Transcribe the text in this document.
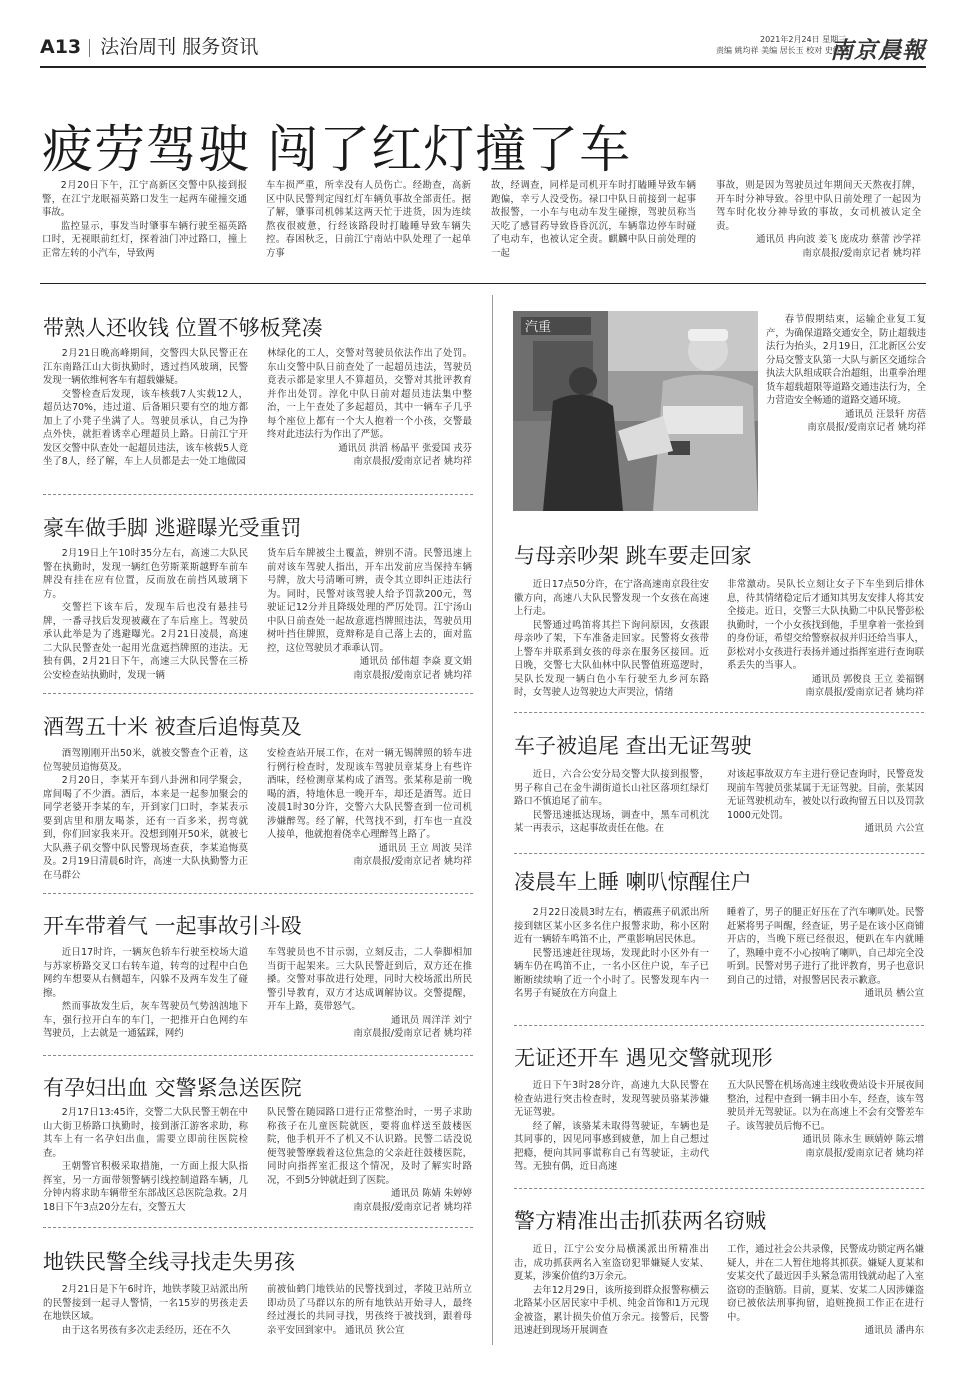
A13 法治周刊 服务资讯	2021年2月24日 星期三
责编 姚均祥 美编 居长玉 校对 史红岩
南京晨報
疲劳驾驶 闯了红灯撞了车

2月20日下午，江宁高新区交警中队接到报警，在江宁龙眠福英路口发生一起两车碰撞交通事故。

监控显示，事发当时肇事车辆行驶至福英路口时，无视眼前红灯，探着油门冲过路口，撞上正常左转的小汽车，导致两

车车损严重，所幸没有人员伤亡。经勘查，高新区中队民警判定闯红灯车辆负事故全部责任。据了解，肇事司机韩某这两天忙于进货，因为连续熬夜很疲惫，行经该路段时打瞌睡导致车辆失控。春困秋乏，日前江宁南站中队处理了一起单方事

故，经调查，同样是司机开车时打瞌睡导致车辆跑偏，幸亏人没受伤。禄口中队日前接到一起事故报警，一小车与电动车发生碰擦，驾驶员称当天吃了感冒药导致昏昏沉沉，车辆靠边停车时碰了电动车，也被认定全责。麒麟中队日前处理的一起

事故，则是因为驾驶员过年期间天天熬夜打牌，开车时分神导致。谷里中队日前处理了一起因为驾车时化妆分神导致的事故，女司机被认定全责。

通讯员 冉向波 姜飞 庞成功 蔡蕾 沙学祥

南京晨报/爱南京记者 姚均祥

带熟人还收钱 位置不够板凳凑

2月21日晚高峰期间，交警四大队民警正在江东南路江山大街执勤时，透过挡风玻璃，民警发现一辆依维柯客车有超载嫌疑。

交警检查后发现，该车核载7人实载12人，超员达70%，违过道、后备厢只要有空的地方都加上了小凳子坐满了人。驾驶员承认，自己为挣点外快，就拒着诱幸心理超员上路。日前江宁开发区交警中队查处一起超员违法，该车核载5人竟坐了8人，经了解，车上人员都是去一处工地做园

林绿化的工人，交警对驾驶员依法作出了处罚。东山交警中队日前查处了一起超员违法，驾驶员竟表示都是家里人不算超员，交警对其批评教育并作出处罚。淳化中队日前对超员违法集中整治，一上午查处了多起超员，其中一辆车子几乎每个座位上都有一个大人抱着一个小孩，交警最终对此违法行为作出了严惩。

通讯员 洪滔 杨晶平 张爱国 戎芬

南京晨报/爱南京记者 姚均祥

豪车做手脚 逃避曝光受重罚

2月19日上午10时35分左右，高速二大队民警在执勤时，发现一辆红色劳斯莱斯越野车前车牌没有挂在应有位置，反而放在前挡风玻璃下方。

交警拦下该车后，发现车后也没有悬挂号牌，一番寻找后发现被藏在了车后座上。驾驶员承认此举是为了逃避曝光。2月21日凌晨，高速二大队民警查处一起用光盘遮挡牌照的违法。无独有偶，2月21日下午，高速三大队民警在三桥公安检查站执勤时，发现一辆

货车后车牌被尘土覆盖，辨别不清。民警迅速上前对该车驾驶人指出，开车出发前应当保持车辆号牌，放大号清晰可辨，责令其立即纠正违法行为。同时，民警对该驾驶人给予罚款200元，驾驶证记12分并且降级处理的严厉处罚。江宁汤山中队日前查处一起故意遮挡牌照违法，驾驶员用树叶挡住牌照，竟辩称是自己落上去的，面对监控，这位驾驶员才乖乖认罚。

通讯员 邰伟超 李焱 夏文娟

南京晨报/爱南京记者 姚均祥

酒驾五十米 被查后追悔莫及

酒驾刚刚开出50米，就被交警查个正着，这位驾驶员追悔莫及。

2月20日，李某开车到八卦洲和同学聚会，席间喝了不少酒。酒后，本来是一起参加聚会的同学老婆开李某的车，开到家门口时，李某表示要到店里和朋友喝茶，还有一百多米，拐弯就到，你们回家我来开。没想到刚开50米，就被七大队燕子矶交警中队民警现场查获，李某追悔莫及。2月19日清晨6时许，高速一大队执勤警力正在马群公

安检查站开展工作，在对一辆无锡牌照的轿车进行例行检查时，发现该车驾驶员章某身上有些许酒味，经检测章某构成了酒驾。张某称是前一晚喝的酒，特地休息一晚开车，却还是酒驾。近日凌晨1时30分许，交警六大队民警查到一位司机涉嫌醉驾。经了解，代驾找不到，打车也一直没人接单，他就抱着侥幸心理醉驾上路了。

通讯员 王立 周波 吴洋

南京晨报/爱南京记者 姚均祥

开车带着气 一起事故引斗殴

近日17时许，一辆灰色轿车行驶至校场大道与苏家桥路交叉口右转车道，转弯的过程中白色网约车想要从右侧超车，闪躲不及两车发生了碰擦。

然而事故发生后，灰车驾驶员气势汹汹地下车，强行拉开白车的车门，一把推开白色网约车驾驶员，上去就是一通猛踩，网约

车驾驶员也不甘示弱，立刻反击，二人拳脚相加当街干起架来。三大队民警赶到后，双方还在推搡。交警对事故进行处理，同时大校场派出所民警引导教育，双方才达成调解协议。交警提醒，开车上路，莫带怒气。

通讯员 周洋洋 刘宁

南京晨报/爱南京记者 姚均祥

有孕妇出血 交警紧急送医院

2月17日13:45许，交警二大队民警王朝在中山大街卫桥路口执勤时，接到浙江游客求助，称其车上有一名孕妇出血，需要立即前往医院检查。

王朝警官积极采取措施，一方面上报大队指挥室，另一方面带领警辆引线控制道路车辆，几分钟内将求助车辆带至东部战区总医院急救。2月18日下午3点20分左右，交警五大

队民警在随园路口进行正常整治时，一男子求助称孩子在儿童医院就医，要将血样送至鼓楼医院，他手机开不了机又不认识路。民警二话没说便驾驶警摩载着这位焦急的父亲赶往鼓楼医院，同时向指挥室汇报这个情况，及时了解实时路况，不到5分钟就赶到了医院。

通讯员 陈婧 朱婷婷

南京晨报/爱南京记者 姚均祥

地铁民警全线寻找走失男孩

2月21日是下午6时许，地铁孝陵卫站派出所的民警接到一起寻人警情，一名15岁的男孩走丢在地铁区域。

由于这名男孩有多次走丢经历，还在不久

前被仙鹤门地铁站的民警找到过，孝陵卫站所立即动员了马群以东的所有地铁站开始寻人，最终经过漫长的共同寻找，男孩终于被找到，跟着母亲平安回到家中。 通讯员 狄公宣

汽重

春节假期结束，运输企业复工复产，为确保道路交通安全，防止超载违法行为抬头，2月19日，江北新区公安分局交警支队第一大队与新区交通综合执法大队组成联合治超组，出重拳治理货车超载超限等道路交通违法行为，全力营造安全畅通的道路交通环境。

通讯员 汪景轩 房蓓

南京晨报/爱南京记者 姚均祥

与母亲吵架 跳车要走回家

近日17点50分许，在宁洛高速南京段往安徽方向，高速八大队民警发现一个女孩在高速上行走。

民警通过鸣笛将其拦下询问原因，女孩跟母亲吵了架，下车准备走回家。民警将女孩带上警车并联系到女孩的母亲在服务区接回。近日晚，交警七大队仙林中队民警值班巡逻时，吴队长发现一辆白色小车行驶至九乡河东路时，女驾驶人边驾驶边大声哭泣，情绪

非常激动。吴队长立刻让女子下车坐到后排休息，待其情绪稳定后才通知其男友安排人将其安全接走。近日，交警三大队执勤二中队民警彭松执勤时，一个小女孩找到他，手里拿着一张捡到的身份证，希望交给警察叔叔并归还给当事人，彭松对小女孩进行表扬并通过指挥室进行查询联系丢失的当事人。

通讯员 郭俊良 王立 姜福钢

南京晨报/爱南京记者 姚均祥

车子被追尾 查出无证驾驶

近日，六合公安分局交警大队接到报警，男子称自己在金牛湖街道长山社区落项红绿灯路口不慎追尾了前车。

民警迅速抵达现场，调查中，黑车司机沈某一再表示，这起事故责任在他。在

对该起事故双方车主进行登记查询时，民警竟发现前车驾驶员张某属于无证驾驶。目前，张某因无证驾驶机动车，被处以行政拘留五日以及罚款1000元处罚。

通讯员 六公宣

凌晨车上睡 喇叭惊醒住户

2月22日凌晨3时左右，栖霞燕子矶派出所接到辖区某小区多名住户报警求助，称小区附近有一辆轿车鸣笛不止，严重影响居民休息。

民警迅速赶往现场，发现此时小区外有一辆车仍在鸣笛不止，一名小区住户说，车子已断断续续响了近一个小时了。民警发现车内一名男子有疑放在方向盘上

睡着了，男子的腿正好压在了汽车喇叭处。民警赶紧将男子叫醒，经查证，男子是在该小区商铺开店的，当晚下班已经很迟，便趴在车内就睡了，熟睡中竟不小心按响了喇叭，自己却完全没听到。民警对男子进行了批评教育，男子也意识到自己的过错，对报警居民表示歉意。

通讯员 栖公宣

无证还开车 遇见交警就现形

近日下午3时28分许，高速九大队民警在检查站进行突击检查时，发现驾驶员骆某涉嫌无证驾驶。

经了解，该骆某未取得驾驶证，车辆也是其同事的，因见同事感到疲惫，加上自己想过把瘾，便向其同事谎称自己有驾驶证，主动代驾。无独有偶，近日高速

五大队民警在机场高速主线收费站设卡开展夜间整治，过程中查到一辆丰田小车，经查，该车驾驶员并无驾驶证。以为在高速上不会有交警差车子。该驾驶员后悔不已。

通讯员 陈永生 顾婧婷 陈云增

南京晨报/爱南京记者 姚均祥

警方精准出击抓获两名窃贼

近日，江宁公安分局横溪派出所精准出击，成功抓获两名入室盗窃犯罪嫌疑人安某、夏某，涉案价值约3万余元。

去年12月29日，该所接到群众报警称横云北路某小区居民家中手机、纯金首饰和1万元现金被盗，累计损失价值万余元。接警后，民警迅速赶到现场开展调查

工作，通过社会公共录像，民警成功锁定两名嫌疑人，并在二人暂住地将其抓获。嫌疑人夏某和安某交代了最近因手头紧急需用钱就动起了入室盗窃的歪脑筋。目前，夏某、安某二人因涉嫌盗窃已被依法刑事拘留，追赃挽损工作正在进行中。

通讯员 潘冉东
